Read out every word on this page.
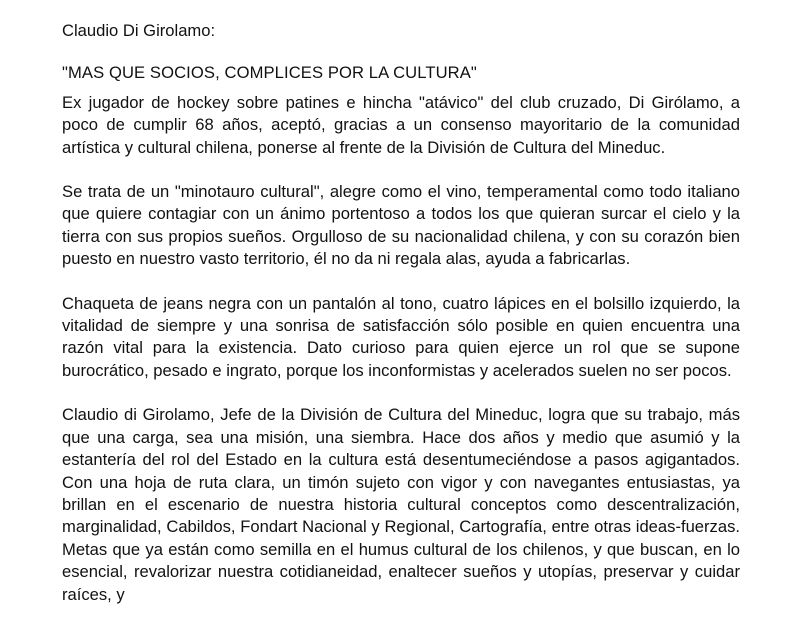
Claudio Di Girolamo:

"MAS QUE SOCIOS, COMPLICES POR LA CULTURA"

Ex jugador de hockey sobre patines e hincha "atávico" del club cruzado, Di Girólamo, a poco de cumplir 68 años, aceptó, gracias a un consenso mayoritario de la comunidad artística y cultural chilena, ponerse al frente de la División de Cultura del Mineduc.

Se trata de un "minotauro cultural", alegre como el vino, temperamental como todo italiano que quiere contagiar con un ánimo portentoso a todos los que quieran surcar el cielo y la tierra con sus propios sueños. Orgulloso de su nacionalidad chilena, y con su corazón bien puesto en nuestro vasto territorio, él no da ni regala alas, ayuda a fabricarlas.

Chaqueta de jeans negra con un pantalón al tono, cuatro lápices en el bolsillo izquierdo, la vitalidad de siempre y una sonrisa de satisfacción sólo posible en quien encuentra una razón vital para la existencia. Dato curioso para quien ejerce un rol que se supone burocrático, pesado e ingrato, porque los inconformistas y acelerados suelen no ser pocos.

Claudio di Girolamo, Jefe de la División de Cultura del Mineduc, logra que su trabajo, más que una carga, sea una misión, una siembra. Hace dos años y medio que asumió y la estantería del rol del Estado en la cultura está desentumeciéndose a pasos agigantados. Con una hoja de ruta clara, un timón sujeto con vigor y con navegantes entusiastas, ya brillan en el escenario de nuestra historia cultural conceptos como descentralización, marginalidad, Cabildos, Fondart Nacional y Regional, Cartografía, entre otras ideas-fuerzas. Metas que ya están como semilla en el humus cultural de los chilenos, y que buscan, en lo esencial, revalorizar nuestra cotidianeidad, enaltecer sueños y utopías, preservar y cuidar raíces, y
